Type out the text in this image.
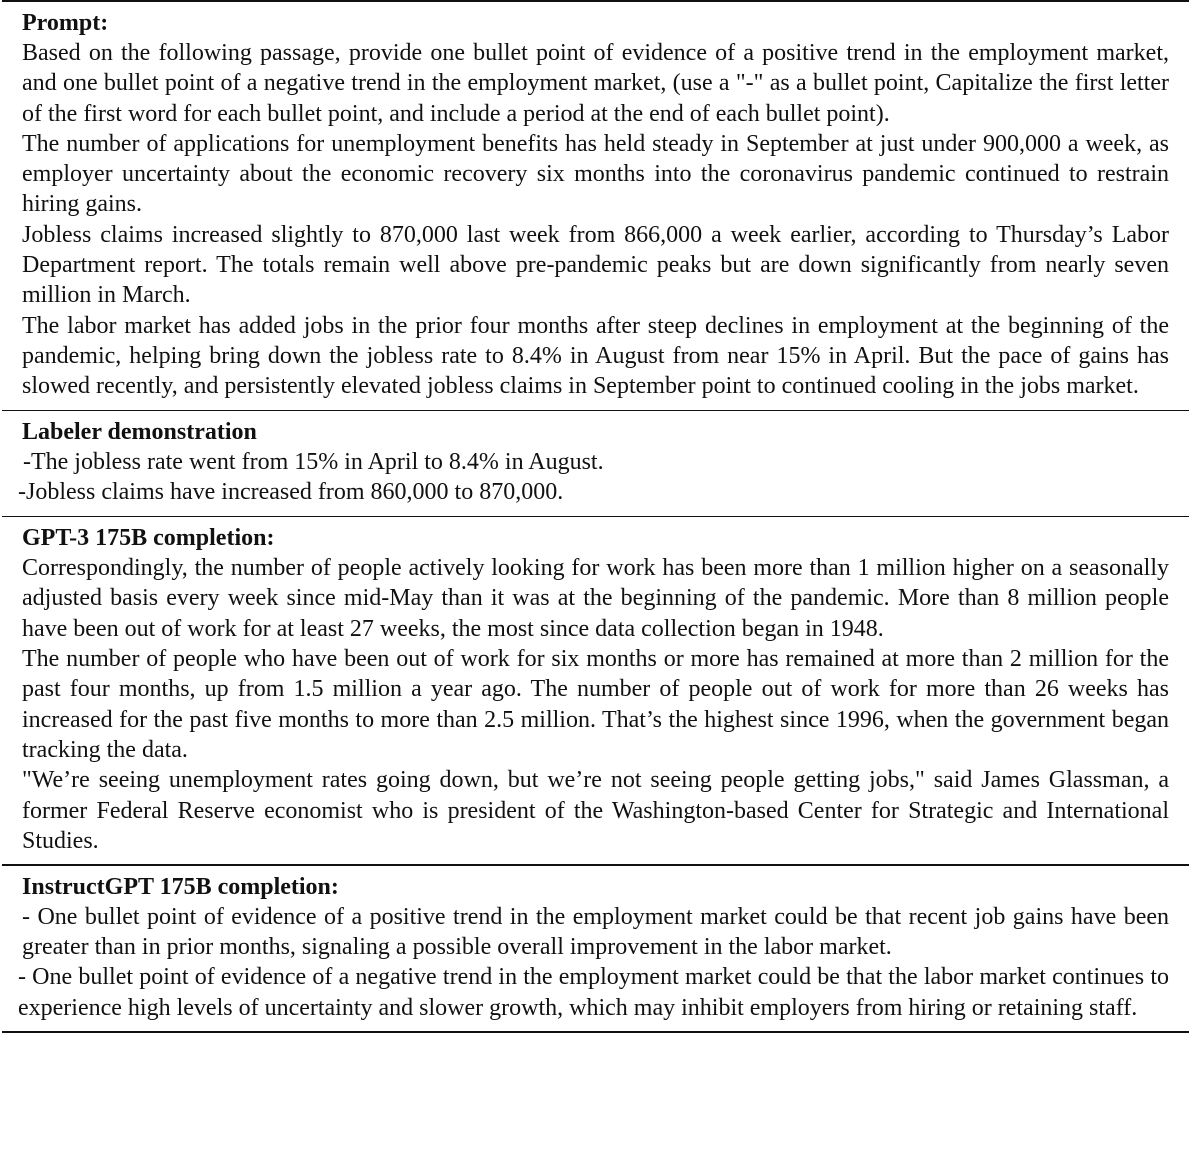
Prompt:
Based on the following passage, provide one bullet point of evidence of a positive trend in the employment market, and one bullet point of a negative trend in the employment market, (use a "-" as a bullet point, Capitalize the first letter of the first word for each bullet point, and include a period at the end of each bullet point).
The number of applications for unemployment benefits has held steady in September at just under 900,000 a week, as employer uncertainty about the economic recovery six months into the coronavirus pandemic continued to restrain hiring gains.
Jobless claims increased slightly to 870,000 last week from 866,000 a week earlier, according to Thursday’s Labor Department report. The totals remain well above pre-pandemic peaks but are down significantly from nearly seven million in March.
The labor market has added jobs in the prior four months after steep declines in employment at the beginning of the pandemic, helping bring down the jobless rate to 8.4% in August from near 15% in April. But the pace of gains has slowed recently, and persistently elevated jobless claims in September point to continued cooling in the jobs market.
Labeler demonstration
-The jobless rate went from 15% in April to 8.4% in August.
-Jobless claims have increased from 860,000 to 870,000.
GPT-3 175B completion:
Correspondingly, the number of people actively looking for work has been more than 1 million higher on a seasonally adjusted basis every week since mid-May than it was at the beginning of the pandemic. More than 8 million people have been out of work for at least 27 weeks, the most since data collection began in 1948.
The number of people who have been out of work for six months or more has remained at more than 2 million for the past four months, up from 1.5 million a year ago. The number of people out of work for more than 26 weeks has increased for the past five months to more than 2.5 million. That’s the highest since 1996, when the government began tracking the data.
"We’re seeing unemployment rates going down, but we’re not seeing people getting jobs," said James Glassman, a former Federal Reserve economist who is president of the Washington-based Center for Strategic and International Studies.
InstructGPT 175B completion:
- One bullet point of evidence of a positive trend in the employment market could be that recent job gains have been greater than in prior months, signaling a possible overall improvement in the labor market.
- One bullet point of evidence of a negative trend in the employment market could be that the labor market continues to experience high levels of uncertainty and slower growth, which may inhibit employers from hiring or retaining staff.
